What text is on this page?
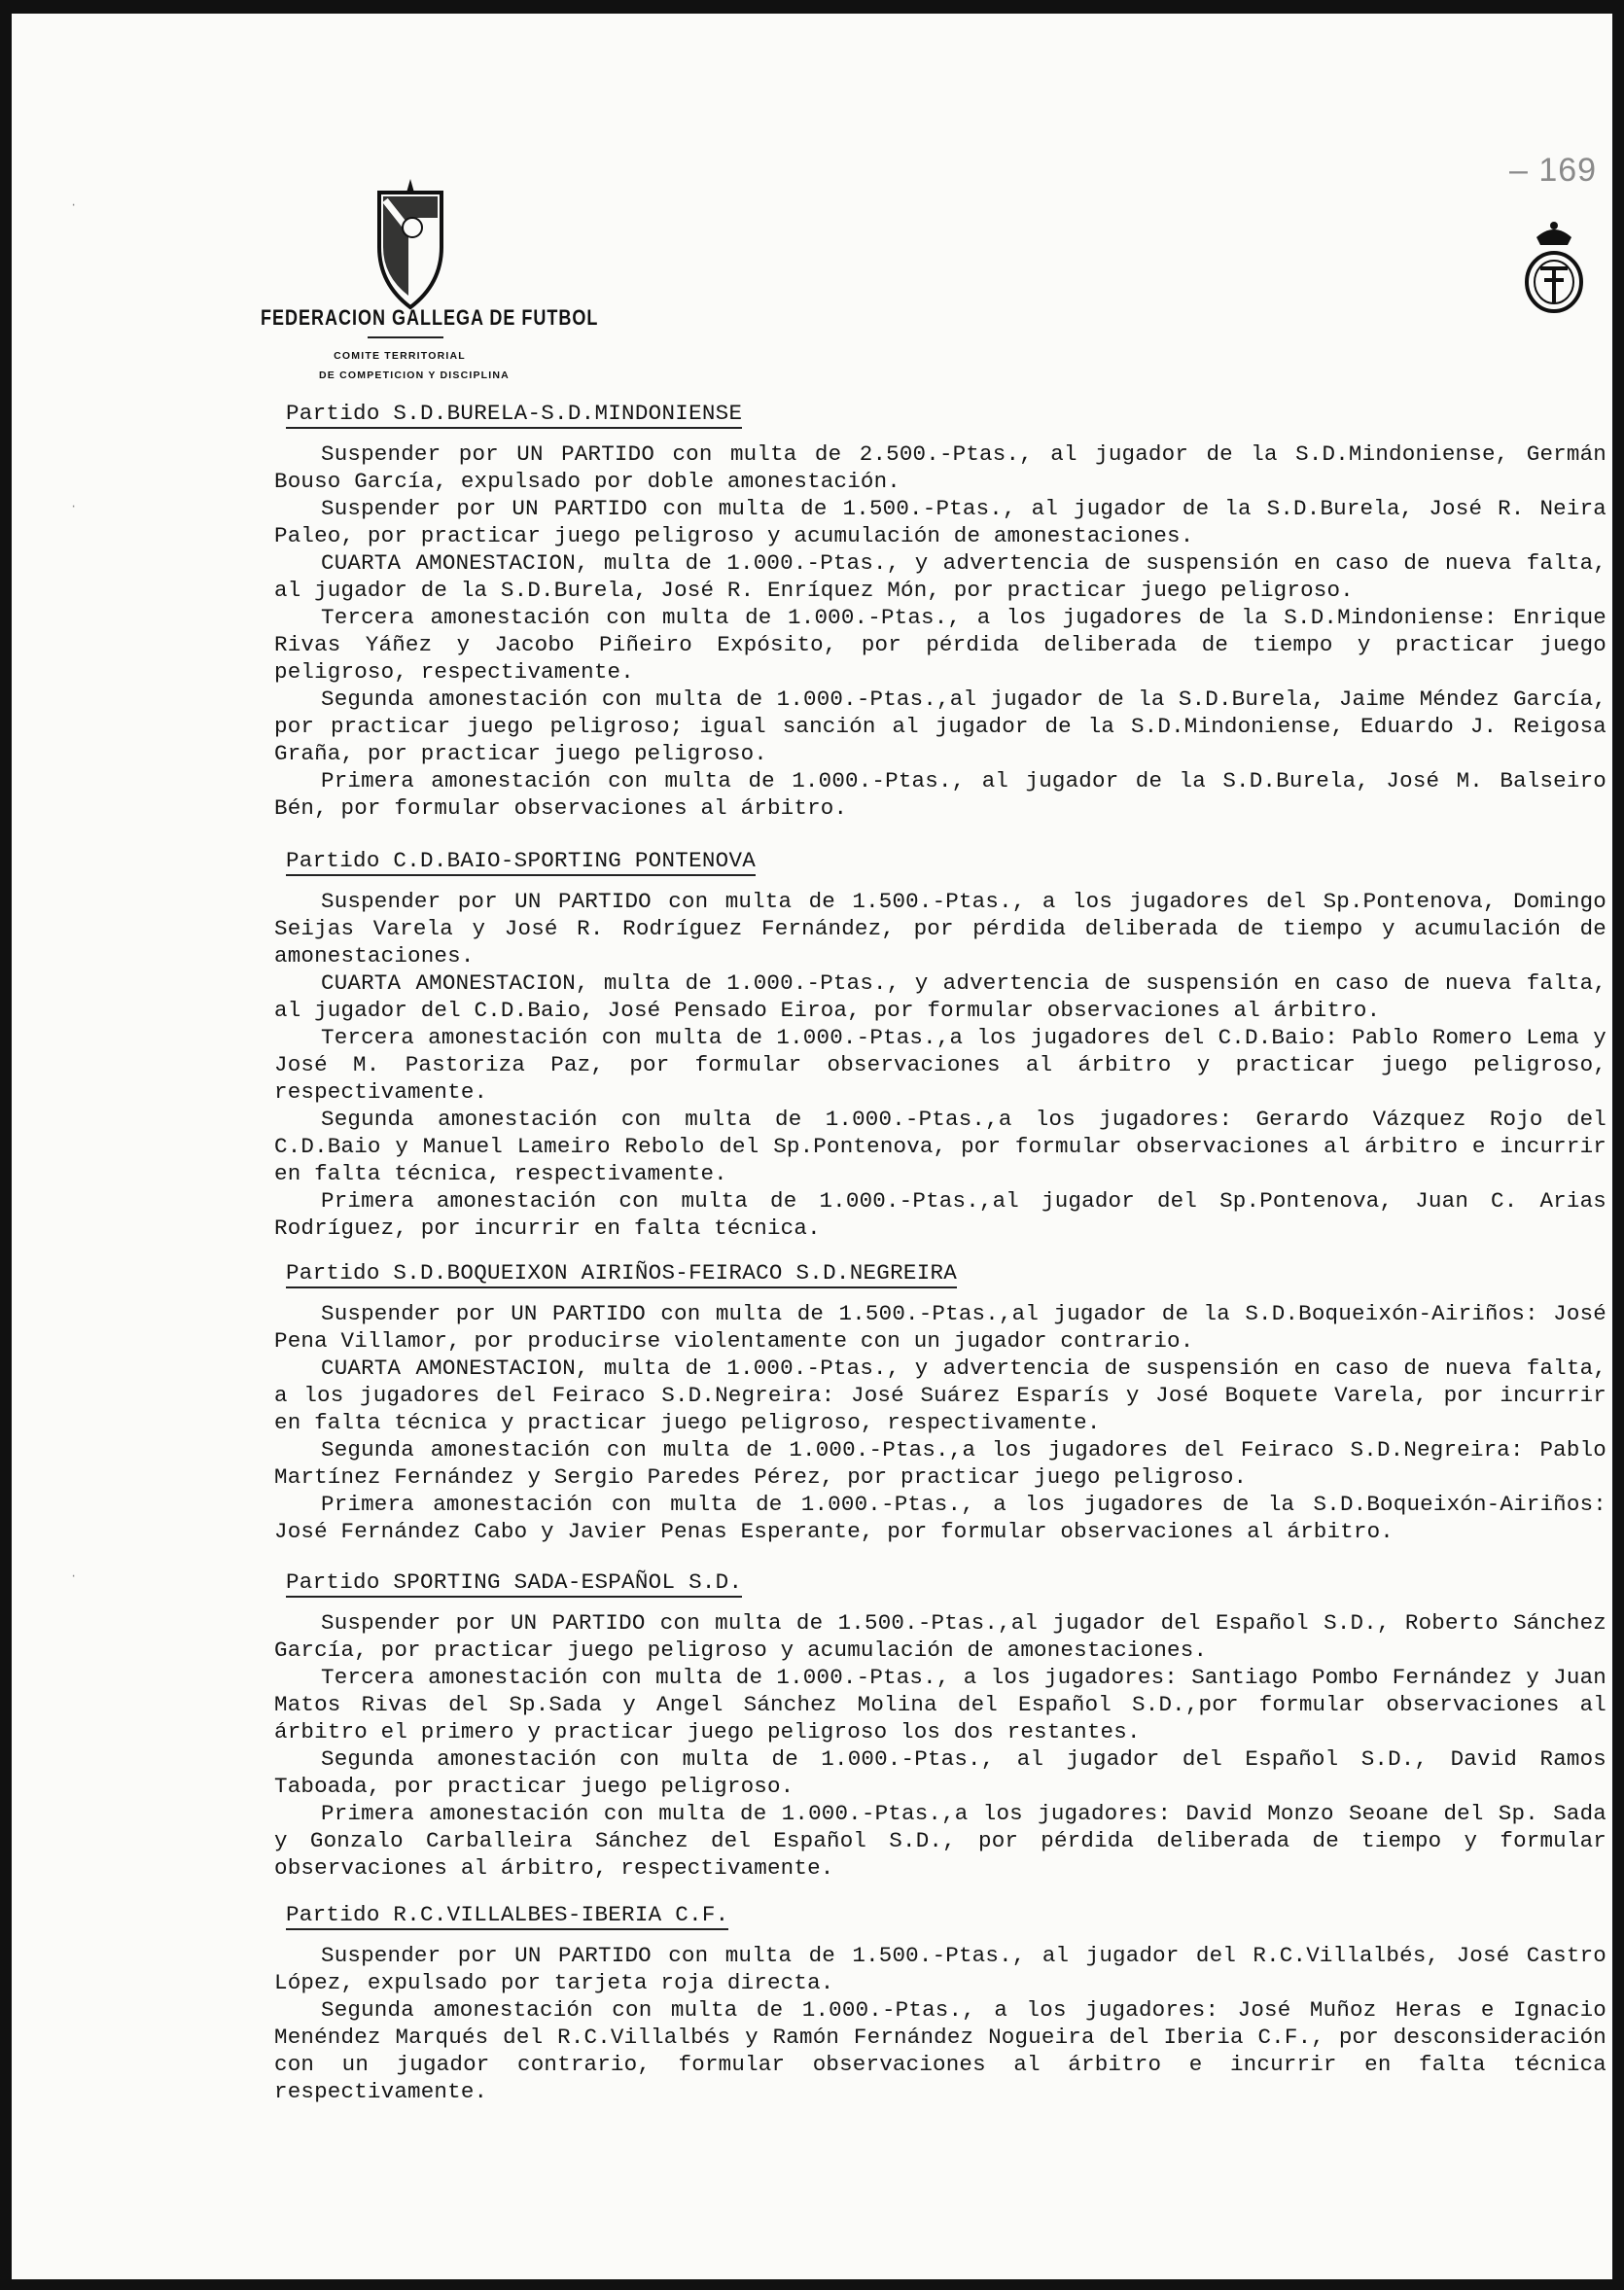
– 169
FEDERACION GALLEGA DE FUTBOL
COMITE TERRITORIAL
DE COMPETICION Y DISCIPLINA
Partido S.D.BURELA-S.D.MINDONIENSE

Suspender por UN PARTIDO con multa de 2.500.-Ptas., al jugador de la S.D.Mindoniense, Germán Bouso García, expulsado por doble amonestación.

Suspender por UN PARTIDO con multa de 1.500.-Ptas., al jugador de la S.D.Burela, José R. Neira Paleo, por practicar juego peligroso y acumulación de amonestaciones.

CUARTA AMONESTACION, multa de 1.000.-Ptas., y advertencia de suspensión en caso de nueva falta, al jugador de la S.D.Burela, José R. Enríquez Món, por practicar juego peligroso.

Tercera amonestación con multa de 1.000.-Ptas., a los jugadores de la S.D.Mindoniense: Enrique Rivas Yáñez y Jacobo Piñeiro Expósito, por pérdida deliberada de tiempo y practicar juego peligroso, respectivamente.

Segunda amonestación con multa de 1.000.-Ptas.,al jugador de la S.D.Burela, Jaime Méndez García, por practicar juego peligroso; igual sanción al jugador de la S.D.Mindoniense, Eduardo J. Reigosa Graña, por practicar juego peligroso.

Primera amonestación con multa de 1.000.-Ptas., al jugador de la S.D.Burela, José M. Balseiro Bén, por formular observaciones al árbitro.

Partido C.D.BAIO-SPORTING PONTENOVA

Suspender por UN PARTIDO con multa de 1.500.-Ptas., a los jugadores del Sp.Pontenova, Domingo Seijas Varela y José R. Rodríguez Fernández, por pérdida deliberada de tiempo y acumulación de amonestaciones.

CUARTA AMONESTACION, multa de 1.000.-Ptas., y advertencia de suspensión en caso de nueva falta, al jugador del C.D.Baio, José Pensado Eiroa, por formular observaciones al árbitro.

Tercera amonestación con multa de 1.000.-Ptas.,a los jugadores del C.D.Baio: Pablo Romero Lema y José M. Pastoriza Paz, por formular observaciones al árbitro y practicar juego peligroso, respectivamente.

Segunda amonestación con multa de 1.000.-Ptas.,a los jugadores: Gerardo Vázquez Rojo del C.D.Baio y Manuel Lameiro Rebolo del Sp.Pontenova, por formular observaciones al árbitro e incurrir en falta técnica, respectivamente.

Primera amonestación con multa de 1.000.-Ptas.,al jugador del Sp.Pontenova, Juan C. Arias Rodríguez, por incurrir en falta técnica.

Partido S.D.BOQUEIXON AIRIÑOS-FEIRACO S.D.NEGREIRA

Suspender por UN PARTIDO con multa de 1.500.-Ptas.,al jugador de la S.D.Boqueixón-Airiños: José Pena Villamor, por producirse violentamente con un jugador contrario.

CUARTA AMONESTACION, multa de 1.000.-Ptas., y advertencia de suspensión en caso de nueva falta, a los jugadores del Feiraco S.D.Negreira: José Suárez Esparís y José Boquete Varela, por incurrir en falta técnica y practicar juego peligroso, respectivamente.

Segunda amonestación con multa de 1.000.-Ptas.,a los jugadores del Feiraco S.D.Negreira: Pablo Martínez Fernández y Sergio Paredes Pérez, por practicar juego peligroso.

Primera amonestación con multa de 1.000.-Ptas., a los jugadores de la S.D.Boqueixón-Airiños: José Fernández Cabo y Javier Penas Esperante, por formular observaciones al árbitro.

Partido SPORTING SADA-ESPAÑOL S.D.

Suspender por UN PARTIDO con multa de 1.500.-Ptas.,al jugador del Español S.D., Roberto Sánchez García, por practicar juego peligroso y acumulación de amonestaciones.

Tercera amonestación con multa de 1.000.-Ptas., a los jugadores: Santiago Pombo Fernández y Juan Matos Rivas del Sp.Sada y Angel Sánchez Molina del Español S.D.,por formular observaciones al árbitro el primero y practicar juego peligroso los dos restantes.

Segunda amonestación con multa de 1.000.-Ptas., al jugador del Español S.D., David Ramos Taboada, por practicar juego peligroso.

Primera amonestación con multa de 1.000.-Ptas.,a los jugadores: David Monzo Seoane del Sp. Sada y Gonzalo Carballeira Sánchez del Español S.D., por pérdida deliberada de tiempo y formular observaciones al árbitro, respectivamente.

Partido R.C.VILLALBES-IBERIA C.F.

Suspender por UN PARTIDO con multa de 1.500.-Ptas., al jugador del R.C.Villalbés, José Castro López, expulsado por tarjeta roja directa.

Segunda amonestación con multa de 1.000.-Ptas., a los jugadores: José Muñoz Heras e Ignacio Menéndez Marqués del R.C.Villalbés y Ramón Fernández Nogueira del Iberia C.F., por desconsideración con un jugador contrario, formular observaciones al árbitro e incurrir en falta técnica respectivamente.

·
·
·
